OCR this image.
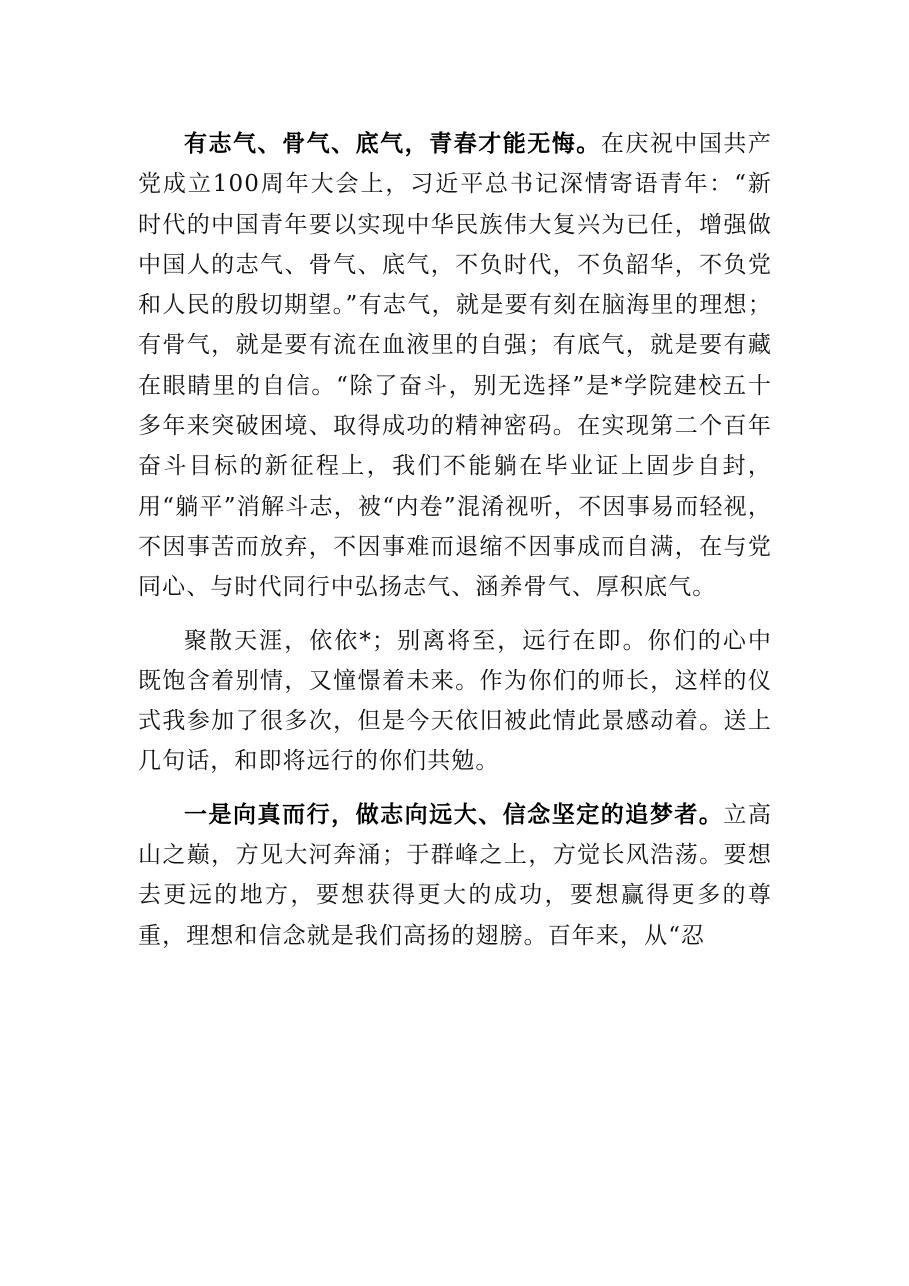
有志气、骨气、底气，青春才能无悔。在庆祝中国共产党成立100周年大会上，习近平总书记深情寄语青年：“新时代的中国青年要以实现中华民族伟大复兴为已任，增强做中国人的志气、骨气、底气，不负时代，不负韶华，不负党和人民的殷切期望。”有志气，就是要有刻在脑海里的理想；有骨气，就是要有流在血液里的自强；有底气，就是要有藏在眼睛里的自信。“除了奋斗，别无选择”是*学院建校五十多年来突破困境、取得成功的精神密码。在实现第二个百年奋斗目标的新征程上，我们不能躺在毕业证上固步自封，用“躺平”消解斗志，被“内卷”混淆视听，不因事易而轻视，不因事苦而放弃，不因事难而退缩不因事成而自满，在与党同心、与时代同行中弘扬志气、涵养骨气、厚积底气。

聚散天涯，依依*；别离将至，远行在即。你们的心中既饱含着别情，又憧憬着未来。作为你们的师长，这样的仪式我参加了很多次，但是今天依旧被此情此景感动着。送上几句话，和即将远行的你们共勉。

一是向真而行，做志向远大、信念坚定的追梦者。立高山之巅，方见大河奔涌；于群峰之上，方觉长风浩荡。要想去更远的地方，要想获得更大的成功，要想赢得更多的尊重，理想和信念就是我们高扬的翅膀。百年来，从“忍
